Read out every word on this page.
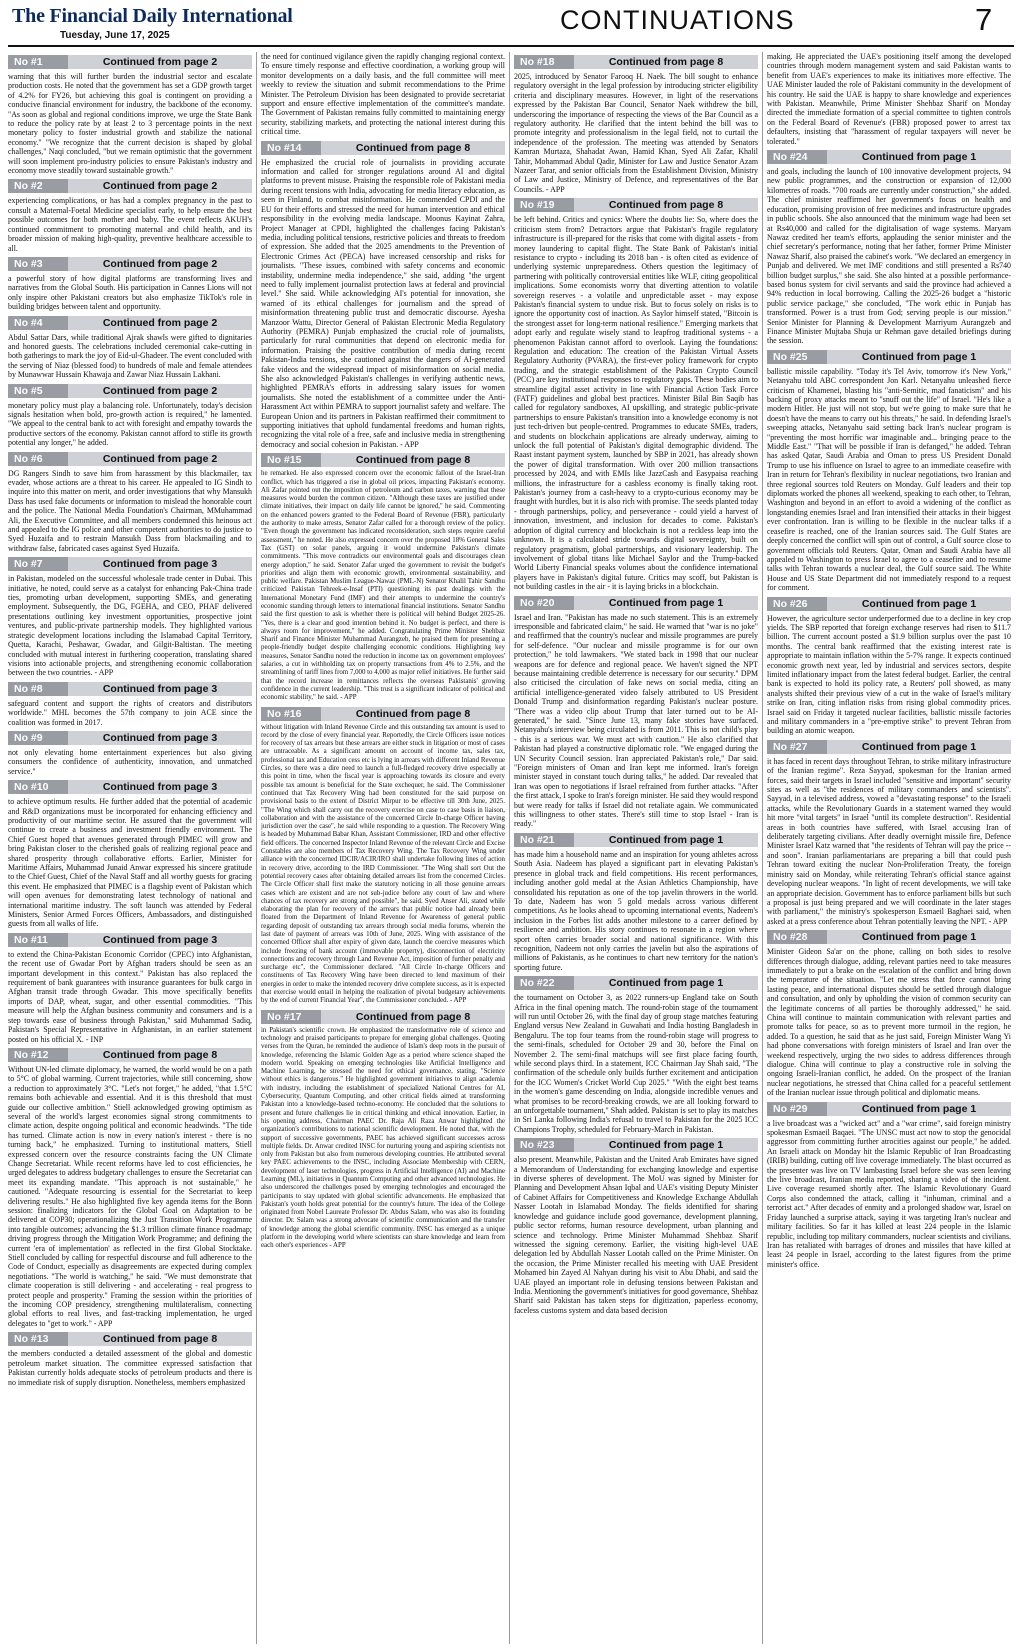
The Financial Daily International
Tuesday, June 17, 2025
CONTINUATIONS	7
No #1	Continued from page 2

warning that this will further burden the industrial sector and escalate production costs. He noted that the government has set a GDP growth target of 4.2% for FY26, but achieving this goal is contingent on providing a conducive financial environment for industry, the backbone of the economy. "As soon as global and regional conditions improve, we urge the State Bank to reduce the policy rate by at least 2 to 3 percentage points in the next monetary policy to foster industrial growth and stabilize the national economy." "We recognize that the current decision is shaped by global challenges," Naqi concluded, "but we remain optimistic that the government will soon implement pro-industry policies to ensure Pakistan's industry and economy move steadily toward sustainable growth."

No #2	Continued from page 2

experiencing complications, or has had a complex pregnancy in the past to consult a Maternal-Foetal Medicine specialist early, to help ensure the best possible outcomes for both mother and baby. The event reflects AKUH's continued commitment to promoting maternal and child health, and its broader mission of making high-quality, preventive healthcare accessible to all.

No #3	Continued from page 2

a powerful story of how digital platforms are transforming lives and narratives from the Global South. His participation in Cannes Lions will not only inspire other Pakistani creators but also emphasize TikTok's role in building bridges between talent and opportunity.

No #4	Continued from page 2

Abdul Sattar Dars, while traditional Ajrak shawls were gifted to dignitaries and honored guests. The celebrations included ceremonial cake-cutting in both gatherings to mark the joy of Eid-ul-Ghadeer. The event concluded with the serving of Niaz (blessed food) to hundreds of male and female attendees by Munawwar Hussain Khawaja and Zawar Niaz Hussain Lakhani.

No #5	Continued from page 2

monetary policy must play a balancing role. Unfortunately, today's decision signals hesitation when bold, pro-growth action is required," he lamented. "We appeal to the central bank to act with foresight and empathy towards the productive sectors of the economy. Pakistan cannot afford to stifle its growth potential any longer," he added.

No #6	Continued from page 2

DG Rangers Sindh to save him from harassment by this blackmailer, tax evader, whose actions are a threat to his career. He appealed to IG Sindh to inquire into this matter on merit, and order investigations that why Mansukh Dass has used fake documents or information to mislead the honorable court and the police. The National Media Foundation's Chairman, MMuhammad Ali, the Executive Committee, and all members condemned this heinous act and appealed to the IG police and other competent authorities to do justice to Syed Huzaifa and to restrain Mansukh Dass from blackmailing and to withdraw false, fabricated cases against Syed Huzaifa.

No #7	Continued from page 3

in Pakistan, modeled on the successful wholesale trade center in Dubai. This initiative, he noted, could serve as a catalyst for enhancing Pak-China trade ties, promoting urban development, supporting SMEs, and generating employment. Subsequently, the DG, FGEHA, and CEO, PHAF delivered presentations outlining key investment opportunities, prospective joint ventures, and public-private partnership models. They highlighted various strategic development locations including the Islamabad Capital Territory, Quetta, Karachi, Peshawar, Gwadar, and Gilgit-Baltistan. The meeting concluded with mutual interest in furthering cooperation, translating shared visions into actionable projects, and strengthening economic collaboration between the two countries. - APP

No #8	Continued from page 3

safeguard content and support the rights of creators and distributors worldwide." MHL becomes the 57th company to join ACE since the coalition was formed in 2017.

No #9	Continued from page 3

not only elevating home entertainment experiences but also giving consumers the confidence of authenticity, innovation, and unmatched service."

No #10	Continued from page 3

to achieve optimum results. He further added that the potential of academic and R&D organizations must be incorporated for enhancing efficiency and productivity of our maritime sector. He assured that the government will continue to create a business and investment friendly environment. The Chief Guest hoped that avenues generated through PIMEC will grow and bring Pakistan closer to the cherished goals of realizing regional peace and shared prosperity through collaborative efforts. Earlier, Minister for Maritime Affairs, Muhammad Junaid Anwar expressed his sincere gratitude to the Chief Guest, Chief of the Naval Staff and all worthy guests for gracing this event. He emphasized that PIMEC is a flagship event of Pakistan which will open avenues for demonstrating latest technology of national and international maritime industry. The soft launch was attended by Federal Ministers, Senior Armed Forces Officers, Ambassadors, and distinguished guests from all walks of life.

No #11	Continued from page 3

to extend the China-Pakistan Economic Corridor (CPEC) into Afghanistan, the recent use of Gwadar Port by Afghan traders should be seen as an important development in this context." Pakistan has also replaced the requirement of bank guarantees with insurance guarantees for bulk cargo in Afghan transit trade through Gwadar. This move specifically benefits imports of DAP, wheat, sugar, and other essential commodities. "This measure will help the Afghan business community and consumers and is a step towards ease of business through Pakistan," said Muhammad Sadiq, Pakistan's Special Representative in Afghanistan, in an earlier statement posted on his official X. - INP

No #12	Continued from page 8

Without UN-led climate diplomacy, he warned, the world would be on a path to 5°C of global warming. Current trajectories, while still concerning, show a reduction to approximately 3°C. "Let's not forget," he added, "that 1.5°C remains both achievable and essential. And it is this threshold that must guide our collective ambition." Stiell acknowledged growing optimism as several of the world's largest economies signal strong commitments to climate action, despite ongoing political and economic headwinds. "The tide has turned. Climate action is now in every nation's interest - there is no turning back," he emphasized. Turning to institutional matters, Stiell expressed concern over the resource constraints facing the UN Climate Change Secretariat. While recent reforms have led to cost efficiencies, he urged delegates to address budgetary challenges to ensure the Secretariat can meet its expanding mandate. "This approach is not sustainable," he cautioned. "Adequate resourcing is essential for the Secretariat to keep delivering results." He also highlighted five key agenda items for the Bonn session: finalizing indicators for the Global Goal on Adaptation to be delivered at COP30; operationalizing the Just Transition Work Programme into tangible outcomes; advancing the $1.3 trillion climate finance roadmap; driving progress through the Mitigation Work Programme; and defining the current 'era of implementation' as reflected in the first Global Stocktake. Stiell concluded by calling for respectful discourse and full adherence to the Code of Conduct, especially as disagreements are expected during complex negotiations. "The world is watching," he said. "We must demonstrate that climate cooperation is still delivering - and accelerating - real progress to protect people and prosperity." Framing the session within the priorities of the incoming COP presidency, strengthening multilateralism, connecting global efforts to real lives, and fast-tracking implementation, he urged delegates to "get to work." - APP

No #13	Continued from page 8

the members conducted a detailed assessment of the global and domestic petroleum market situation. The committee expressed satisfaction that Pakistan currently holds adequate stocks of petroleum products and there is no immediate risk of supply disruption. Nonetheless, members emphasized

the need for continued vigilance given the rapidly changing regional context. To ensure timely response and effective coordination, a working group will monitor developments on a daily basis, and the full committee will meet weekly to review the situation and submit recommendations to the Prime Minister. The Petroleum Division has been designated to provide secretariat support and ensure effective implementation of the committee's mandate. The Government of Pakistan remains fully committed to maintaining energy security, stabilizing markets, and protecting the national interest during this critical time.

No #14	Continued from page 8

He emphasized the crucial role of journalists in providing accurate information and called for stronger regulations around AI and digital platforms to prevent misuse. Praising the responsible role of Pakistani media during recent tensions with India, advocating for media literacy education, as seen in Finland, to combat misinformation. He commended CPDI and the EU for their efforts and stressed the need for human intervention and ethical responsibility in the evolving media landscape. Moonus Kayinat Zahra, Project Manager at CPDI, highlighted the challenges facing Pakistan's media, including political tensions, restrictive policies and threats to freedom of expression. She added that the 2025 amendments to the Prevention of Electronic Crimes Act (PECA) have increased censorship and risks for journalists. "These issues, combined with safety concerns and economic instability, undermine media independence," she said, adding "the urgent need to fully implement journalist protection laws at federal and provincial level." She said. While acknowledging AI's potential for innovation, she warned of its ethical challenges for journalism and the spread of misinformation threatening public trust and democratic discourse. Ayesha Manzoor Wattu, Director General of Pakistan Electronic Media Regulatory Authority (PEMRA) Punjab emphasized the crucial role of journalists, particularly for rural communities that depend on electronic media for information. Praising the positive contribution of media during recent Pakistan-India tensions, she cautioned against the dangers of AI-generated fake videos and the widespread impact of misinformation on social media. She also acknowledged Pakistan's challenges in verifying authentic news, highlighted PEMRA's efforts in addressing salary issues for women journalists. She noted the establishment of a committee under the Anti-Harassment Act within PEMRA to support journalist safety and welfare. The European Union and its partners in Pakistan reaffirmed their commitment to supporting initiatives that uphold fundamental freedoms and human rights, recognizing the vital role of a free, safe and inclusive media in strengthening democracy and social cohesion in Pakistan. - APP

No #15	Continued from page 8

he remarked. He also expressed concern over the economic fallout of the Israel-Iran conflict, which has triggered a rise in global oil prices, impacting Pakistan's economy. Ali Zafar pointed out the imposition of petroleum and carbon taxes, warning that these measures would burden the common citizen. "Although these taxes are justified under climate initiatives, their impact on daily life cannot be ignored," he said. Commenting on the enhanced powers granted to the Federal Board of Revenue (FBR), particularly the authority to make arrests, Senator Zafar called for a thorough review of the policy. "Even though the government has indicated reconsideration, such steps require careful assessment," he noted. He also expressed concern over the proposed 18% General Sales Tax (GST) on solar panels, arguing it would undermine Pakistan's climate commitments. "This move contradicts our environmental goals and discourages clean energy adoption," he said. Senator Zafar urged the government to revisit the budget's priorities and align them with economic growth, environmental sustainability, and public welfare. Pakistan Muslim League-Nawaz (PML-N) Senator Khalil Tahir Sandhu criticized Pakistan Tehreek-e-Insaf (PTI) questioning its past dealings with the International Monetary Fund (IMF) and their attempts to undermine the country's economic standing through letters to international financial institutions. Senator Sandhu said the first question to ask is whether there is political will behind Budget 2025-26. "Yes, there is a clear and good intention behind it. No budget is perfect, and there is always room for improvement," he added. Congratulating Prime Minister Shehbaz Sharif and Finance Minister Muhammad Aurangzeb, he praised them for presenting a people-friendly budget despite challenging economic conditions. Highlighting key measures, Senator Sandhu noted the reduction in income tax on government employees' salaries, a cut in withholding tax on property transactions from 4% to 2.5%, and the streamlining of tariff lines from 7,000 to 4,000 as major relief initiatives. He further said that the record increase in remittances reflects the overseas Pakistanis' growing confidence in the current leadership. "This trust is a significant indicator of political and economic stability," he said. - APP

No #16	Continued from page 8

without litigation with Inland Revenue Circle and this outstanding tax amount is used to record by the close of every financial year. Reportedly, the Circle Officers issue notices for recovery of tax arrears but these arrears are either stuck in litigation or most of cases are untraceable. As a significant amount on account of income tax, sales tax, professional tax and Education cess etc is lying in arrears with different Inland Revenue Circles, so there was a dire need to launch a full-fledged recovery drive especially at this point in time, when the fiscal year is approaching towards its closure and every possible tax amount is beneficial for the State exchequer, he said. The Commissioner continued that Tax Recovery Wing had been constituted for the said purpose on provisional basis to the extent of District Mirpur to be effective till 30th June, 2025. "The Wing which shall carry out the recovery exercise on case to case basis in liaison, collaboration and with the assistance of the concerned Circle In-charge Officer having jurisdiction over the case", he said while responding to a question. The Recovery Wing is headed by Muhammad Babar Khan, Assistant Commissioner, IRD and other effective field officers. The concerned Inspector Inland Revenue of the relevant Circle and Excise Constables are also members of Tax Recovery Wing. The Tax Recovery Wing under alliance with the concerned IDCIR/ACIR/IRO shall undertake following lines of action in recovery drive, according to the IRD Commissioner. "The Wing shall sort Out the potential recovery cases after obtaining detailed arrears list from the concerned Circles. The Circle Officer shall first make the statutory noticing in all those genuine arrears cases which are existent and are not sub-judice before any court of law and where chances of tax recovery are strong and possible", he said. Syed Anser Ali, stated while elaborating the plan for recovery of the arrears that public notice had already been floated from the Department of Inland Revenue for Awareness of general public regarding deposit of outstanding tax arrears through social media forums, wherein the last date of payment of arrears was 10th of June, 2025. Wing with assistance of the concerned Officer shall after expiry of given date, launch the coercive measures which include freezing of bank account (immovable property), disconnection of electricity connections and recovery through Land Revenue Act, imposition of further penalty and surcharge etc", the Commissioner declared. "All Circle In-charge Officers and constituents of Tax Recovery Wing have been directed to lend maximum of their energies in order to make the intended recovery drive complete success, as it is expected that exercise would entail in helping the realization of pivotal budgetary achievements by the end of current Financial Year", the Commissioner concluded. - APP

No #17	Continued from page 8

in Pakistan's scientific crown. He emphasized the transformative role of science and technology and praised participants to prepare for emerging global challenges. Quoting verses from the Quran, he reminded the audience of Islam's deep roots in the pursuit of knowledge, referencing the Islamic Golden Age as a period where science shaped the modern world. Speaking on emerging technologies like Artificial Intelligence and Machine Learning, he stressed the need for ethical governance, stating, "Science without ethics is dangerous." He highlighted government initiatives to align academia with industry, including the establishment of specialized National Centres for AI, Cybersecurity, Quantum Computing, and other critical fields aimed at transforming Pakistan into a knowledge-based techno-economy. He concluded that the solutions to present and future challenges lie in critical thinking and ethical innovation. Earlier, in his opening address, Chairman PAEC Dr. Raja Ali Raza Anwar highlighted the organization's contributions to national scientific development. He noted that, with the support of successive governments, PAEC has achieved significant successes across multiple fields. Dr. Anwar credited INSC for nurturing young and aspiring scientists not only from Pakistan but also from numerous developing countries. He attributed several key PAEC achievements to the INSC, including Associate Membership with CERN, development of laser technologies, progress in Artificial Intelligence (AI) and Machine Learning (ML), initiatives in Quantum Computing and other advanced technologies. He also underscored the challenges posed by emerging technologies and encouraged the participants to stay updated with global scientific advancements. He emphasized that Pakistan's youth holds great potential for the country's future. The idea of the College originated from Nobel Laureate Professor Dr. Abdus Salam, who was also its founding director. Dr. Salam was a strong advocate of scientific communication and the transfer of knowledge among the global scientific community. INSC has emerged as a unique platform in the developing world where scientists can share knowledge and learn from each other's experiences - APP

No #18	Continued from page 8

2025, introduced by Senator Farooq H. Naek. The bill sought to enhance regulatory oversight in the legal profession by introducing stricter eligibility criteria and disciplinary measures. However, in light of the reservations expressed by the Pakistan Bar Council, Senator Naek withdrew the bill, underscoring the importance of respecting the views of the Bar Council as a regulatory authority. He clarified that the intent behind the bill was to promote integrity and professionalism in the legal field, not to curtail the independence of the profession. The meeting was attended by Senators Kamran Murtaza, Shahadat Awan, Hamid Khan, Syed Ali Zafar, Khalil Tahir, Mohammad Abdul Qadir, Minister for Law and Justice Senator Azam Nazeer Tarar, and senior officials from the Establishment Division, Ministry of Law and Justice, Ministry of Defence, and representatives of the Bar Councils. - APP

No #19	Continued from page 8

be left behind. Critics and cynics: Where the doubts lie: So, where does the criticism stem from? Detractors argue that Pakistan's fragile regulatory infrastructure is ill-prepared for the risks that come with digital assets - from money laundering to capital flight. The State Bank of Pakistan's initial resistance to crypto - including its 2018 ban - is often cited as evidence of underlying systemic unpreparedness. Others question the legitimacy of partnering with politically controversial entities like WLF, citing geopolitical implications. Some economists worry that diverting attention to volatile sovereign reserves - a volatile and unpredictable asset - may expose Pakistan's financial system to undue risk. But to focus solely on risks is to ignore the opportunity cost of inaction. As Saylor himself stated, "Bitcoin is the strongest asset for long-term national resilience." Emerging markets that adopt early and regulate wisely stand to leapfrog traditional systems - a phenomenon Pakistan cannot afford to overlook. Laying the foundations: Regulation and education: The creation of the Pakistan Virtual Assets Regulatory Authority (PVARA), the first-ever policy framework for crypto trading, and the strategic establishment of the Pakistan Crypto Council (PCC) are key institutional responses to regulatory gaps. These bodies aim to streamline digital asset activity in line with Financial Action Task Force (FATF) guidelines and global best practices. Minister Bilal Bin Saqib has called for regulatory sandboxes, AI upskilling, and strategic public-private partnerships to ensure Pakistan's transition into a knowledge economy is not just tech-driven but people-centred. Programmes to educate SMEs, traders, and students on blockchain applications are already underway, aiming to unlock the full potential of Pakistan's digital demographic dividend. The Raast instant payment system, launched by SBP in 2021, has already shown the power of digital transformation. With over 200 million transactions processed by 2024, and with EMIs like JazzCash and Easypaisa reaching millions, the infrastructure for a cashless economy is finally taking root. Pakistan's journey from a cash-heavy to a crypto-curious economy may be fraught with hurdles, but it is also rich with promise. The seeds planted today - through partnerships, policy, and perseverance - could yield a harvest of innovation, investment, and inclusion for decades to come. Pakistan's adoption of digital currency and blockchain is not a reckless leap into the unknown. It is a calculated stride towards digital sovereignty, built on regulatory pragmatism, global partnerships, and visionary leadership. The involvement of global titans like Michael Saylor and the Trump-backed World Liberty Financial speaks volumes about the confidence international players have in Pakistan's digital future. Critics may scoff, but Pakistan is not building castles in the air - it is laying bricks in a blockchain.

No #20	Continued from page 1

Israel and Iran. "Pakistan has made no such statement. This is an extremely irresponsible and fabricated claim," he said. He warned that "war is no joke" and reaffirmed that the country's nuclear and missile programmes are purely for self-defence. "Our nuclear and missile programme is for our own protection," he told lawmakers. "We stated back in 1998 that our nuclear weapons are for defence and regional peace. We haven't signed the NPT because maintaining credible deterrence is necessary for our security." DPM also criticised the circulation of fake news on social media, citing an artificial intelligence-generated video falsely attributed to US President Donald Trump and disinformation regarding Pakistan's nuclear posture. "There was a video clip about Trump that later turned out to be AI-generated," he said. "Since June 13, many fake stories have surfaced. Netanyahu's interview being circulated is from 2011. This is not child's play - this is a serious war. We must act with caution." He also clarified that Pakistan had played a constructive diplomatic role. "We engaged during the UN Security Council session. Iran appreciated Pakistan's role," Dar said. "Foreign ministers of Oman and Iran kept me informed. Iran's foreign minister stayed in constant touch during talks," he added. Dar revealed that Iran was open to negotiations if Israel refrained from further attacks. "After the first attack, I spoke to Iran's foreign minister. He said they would respond but were ready for talks if Israel did not retaliate again. We communicated this willingness to other states. There's still time to stop Israel - Iran is ready."

No #21	Continued from page 1

has made him a household name and an inspiration for young athletes across South Asia. Nadeem has played a significant part in elevating Pakistan's presence in global track and field competitions. His recent performances, including another gold medal at the Asian Athletics Championship, have consolidated his reputation as one of the top javelin throwers in the world. To date, Nadeem has won 5 gold medals across various different competitions. As he looks ahead to upcoming international events, Nadeem's inclusion in the Forbes list adds another milestone to a career defined by resilience and ambition. His story continues to resonate in a region where sport often carries broader social and national significance. With this recognition, Nadeem not only carries the javelin but also the aspirations of millions of Pakistanis, as he continues to chart new territory for the nation's sporting future.

No #22	Continued from page 1

the tournament on October 3, as 2022 runners-up England take on South Africa in the final opening match. The round-robin stage of the tournament will run until October 26, with the final day of group stage matches featuring England versus New Zealand in Guwahati and India hosting Bangladesh in Bengaluru. The top four teams from the round-robin stage will progress to the semi-finals, scheduled for October 29 and 30, before the Final on November 2. The semi-final matchups will see first place facing fourth, while second plays third. In a statement, ICC Chairman Jay Shah said, "The confirmation of the schedule only builds further excitement and anticipation for the ICC Women's Cricket World Cup 2025." "With the eight best teams in the women's game descending on India, alongside incredible venues and what promises to be record-breaking crowds, we are all looking forward to an unforgettable tournament," Shah added. Pakistan is set to play its matches in Sri Lanka following India's refusal to travel to Pakistan for the 2025 ICC Champions Trophy, scheduled for February-March in Pakistan.

No #23	Continued from page 1

also present. Meanwhile, Pakistan and the United Arab Emirates have signed a Memorandum of Understanding for exchanging knowledge and expertise in diverse spheres of development. The MoU was signed by Minister for Planning and Development Ahsan Iqbal and UAE's visiting Deputy Minister of Cabinet Affairs for Competitiveness and Knowledge Exchange Abdullah Nasser Lootah in Islamabad Monday. The fields identified for sharing knowledge and guidance include good governance, development planning, public sector reforms, human resource development, urban planning and science and technology. Prime Minister Muhammad Shehbaz Sharif witnessed the signing ceremony. Earlier, the visiting high-level UAE delegation led by Abdullah Nasser Lootah called on the Prime Minister. On the occasion, the Prime Minister recalled his meeting with UAE President Mohamed bin Zayed Al Nahyan during his visit to Abu Dhabi, and said the UAE played an important role in defusing tensions between Pakistan and India. Mentioning the government's initiatives for good governance, Shehbaz Sharif said Pakistan has taken steps for digitization, paperless economy, faceless customs system and data based decision

making. He appreciated the UAE's positioning itself among the developed countries through modern management system and said Pakistan wants to benefit from UAE's experiences to make its initiatives more effective. The UAE Minister lauded the role of Pakistani community in the development of his country. He said the UAE is happy to share knowledge and experiences with Pakistan. Meanwhile, Prime Minister Shehbaz Sharif on Monday directed the immediate formation of a special committee to tighten controls on the Federal Board of Revenue's (FBR) proposed power to arrest tax defaulters, insisting that "harassment of regular taxpayers will never be tolerated."

No #24	Continued from page 1

and goals, including the launch of 100 innovative development projects, 94 new public programmes, and the construction or expansion of 12,000 kilometres of roads. "700 roads are currently under construction," she added. The chief minister reaffirmed her government's focus on health and education, promising provision of free medicines and infrastructure upgrades in public schools. She also announced that the minimum wage had been set at Rs40,000 and called for the digitalisation of wage systems. Maryam Nawaz credited her team's efforts, applauding the senior minister and the chief secretary's performance, noting that her father, former Prime Minister Nawaz Sharif, also praised the cabinet's work. "We declared an emergency in Punjab and delivered. We met IMF conditions and still presented a Rs740 billion budget surplus," she said. She also hinted at a possible performance-based bonus system for civil servants and said the province had achieved a 94% reduction in local borrowing. Calling the 2025-26 budget a "historic public service package," she concluded, "The work ethic in Punjab has transformed. Power is a trust from God; serving people is our mission." Senior Minister for Planning & Development Marriyum Aurangzeb and Finance Minister Mujtaba Shuja ur Rehman gave detailed briefings during the session.

No #25	Continued from page 1

ballistic missile capability. "Today it's Tel Aviv, tomorrow it's New York," Netanyahu told ABC correspondent Jon Karl. Netanyahu unleashed fierce criticism of Khamenei, blasting his "anti-Semitic, mad fanaticism" and his backing of proxy attacks meant to "snuff out the life" of Israel. "He's like a modern Hitler. He just will not stop, but we're going to make sure that he doesn't have the means to carry out his threats," he said. In defending Israel's sweeping attacks, Netanyahu said setting back Iran's nuclear program is "preventing the most horrific war imaginable and... bringing peace to the Middle East." "That will be possible if Iran is defanged," he added. Tehran has asked Qatar, Saudi Arabia and Oman to press US President Donald Trump to use his influence on Israel to agree to an immediate ceasefire with Iran in return for Tehran's flexibility in nuclear negotiations, two Iranian and three regional sources told Reuters on Monday. Gulf leaders and their top diplomats worked the phones all weekend, speaking to each other, to Tehran, Washington and beyond in an effort to avoid a widening of the conflict as longstanding enemies Israel and Iran intensified their attacks in their biggest ever confrontation. Iran is willing to be flexible in the nuclear talks if a ceasefire is reached, one of the Iranian sources said. The Gulf States are deeply concerned the conflict will spin out of control, a Gulf source close to government officials told Reuters. Qatar, Oman and Saudi Arabia have all appealed to Washington to press Israel to agree to a ceasefire and to resume talks with Tehran towards a nuclear deal, the Gulf source said. The White House and US State Department did not immediately respond to a request for comment.

No #26	Continued from page 1

However, the agriculture sector underperformed due to a decline in key crop yields. The SBP reported that foreign exchange reserves had risen to $11.7 billion. The current account posted a $1.9 billion surplus over the past 10 months. The central bank reaffirmed that the existing interest rate is appropriate to maintain inflation within the 5-7% range. It expects continued economic growth next year, led by industrial and services sectors, despite limited inflationary impact from the latest federal budget. Earlier, the central bank is expected to hold its policy rate, a Reuters' poll showed, as many analysts shifted their previous view of a cut in the wake of Israel's military strike on Iran, citing inflation risks from rising global commodity prices. Israel said on Friday it targeted nuclear facilities, ballistic missile factories and military commanders in a "pre-emptive strike" to prevent Tehran from building an atomic weapon.

No #27	Continued from page 1

it has faced in recent days throughout Tehran, to strike military infrastructure of the Iranian regime". Reza Sayyad, spokesman for the Iranian armed forces, said their targets in Israel included "sensitive and important" security sites as well as "the residences of military commanders and scientists". Sayyad, in a televised address, vowed a "devastating response" to the Israeli attacks, while the Revolutionary Guards in a statement warned they would hit more "vital targets" in Israel "until its complete destruction". Residential areas in both countries have suffered, with Israel accusing Iran of deliberately targeting civilians. After deadly overnight missile fire, Defence Minister Israel Katz warned that "the residents of Tehran will pay the price -- and soon". Iranian parliamentarians are preparing a bill that could push Tehran toward exiting the nuclear Non-Proliferation Treaty, the foreign ministry said on Monday, while reiterating Tehran's official stance against developing nuclear weapons. "In light of recent developments, we will take an appropriate decision. Government has to enforce parliament bills but such a proposal is just being prepared and we will coordinate in the later stages with parliament," the ministry's spokesperson Esmaeil Baghaei said, when asked at a press conference about Tehran potentially leaving the NPT. - APP

No #28	Continued from page 1

Minister Gideon Sa'ar on the phone, calling on both sides to resolve differences through dialogue, adding, relevant parties need to take measures immediately to put a brake on the escalation of the conflict and bring down the temperature of the situation. "Let me stress that force cannot bring lasting peace, and international disputes should be settled through dialogue and consultation, and only by upholding the vision of common security can the legitimate concerns of all parties be thoroughly addressed," he said. China will continue to maintain communication with relevant parties and promote talks for peace, so as to prevent more turmoil in the region, he added. To a question, he said that as he just said, Foreign Minister Wang Yi had phone conversations with foreign ministers of Israel and Iran over the weekend respectively, urging the two sides to address differences through dialogue. China will continue to play a constructive role in solving the ongoing Israeli-Iranian conflict, he added. On the prospect of the Iranian nuclear negotiations, he stressed that China called for a peaceful settlement of the Iranian nuclear issue through political and diplomatic means.

No #29	Continued from page 1

a live broadcast was a "wicked act" and a "war crime", said foreign ministry spokesman Esmaeil Baqaei. "The UNSC must act now to stop the genocidal aggressor from committing further atrocities against our people," he added. An Israeli attack on Monday hit the Islamic Republic of Iran Broadcasting (IRIB) building, cutting off live coverage immediately. The blast occurred as the presenter was live on TV lambasting Israel before she was seen leaving the live broadcast, Iranian media reported, sharing a video of the incident. Live coverage resumed shortly after. The Islamic Revolutionary Guard Corps also condemned the attack, calling it "inhuman, criminal and a terrorist act." After decades of enmity and a prolonged shadow war, Israel on Friday launched a surprise attack, saying it was targeting Iran's nuclear and military facilities. So far it has killed at least 224 people in the Islamic republic, including top military commanders, nuclear scientists and civilians. Iran has retaliated with barrages of drones and missiles that have killed at least 24 people in Israel, according to the latest figures from the prime minister's office.
